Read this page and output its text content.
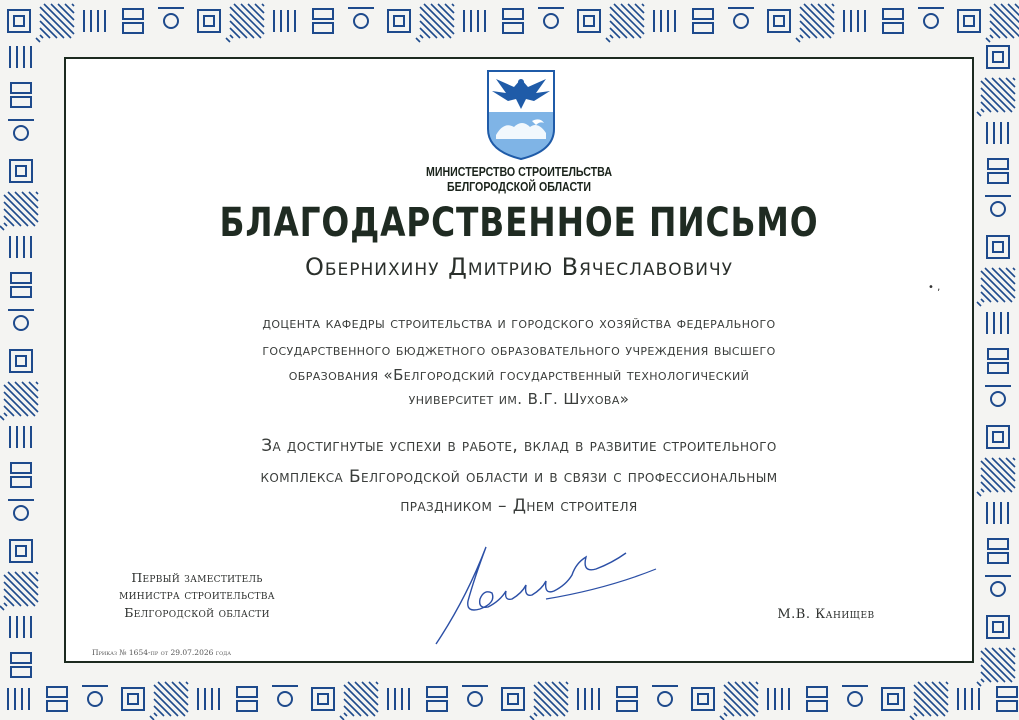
МИНИСТЕРСТВО СТРОИТЕЛЬСТВА
БЕЛГОРОДСКОЙ ОБЛАСТИ
БЛАГОДАРСТВЕННОЕ ПИСЬМО
Обернихину Дмитрию Вячеславовичу
доцента кафедры строительства и городского хозяйства федерального
государственного бюджетного образовательного учреждения высшего
образования «Белгородский государственный технологический
университет им. В.Г. Шухова»
За достигнутые успехи в работе, вклад в развитие строительного
комплекса Белгородской области и в связи с профессиональным
праздником – Днем строителя
Первый заместитель
министра строительства
Белгородской области	М.В. Канищев
Приказ № 1654-пр от 29.07.2026 года
• ,
